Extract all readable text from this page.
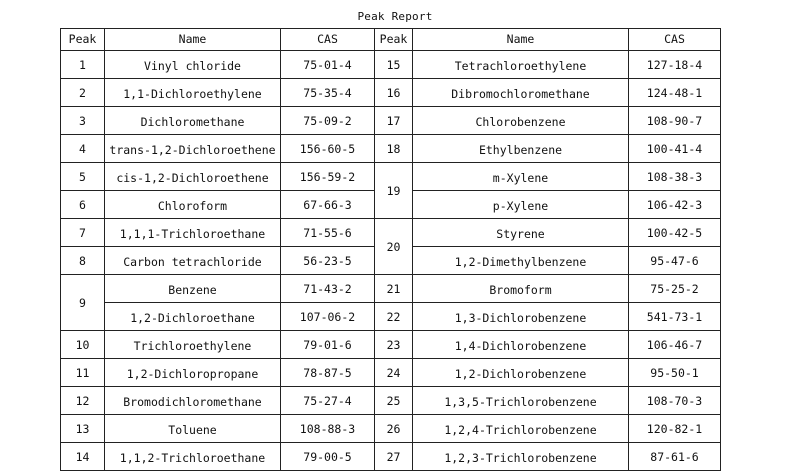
Peak Report
Peak	Name	CAS	Peak	Name	CAS
1	Vinyl chloride	75-01-4	15	Tetrachloroethylene	127-18-4
2	1,1-Dichloroethylene	75-35-4	16	Dibromochloromethane	124-48-1
3	Dichloromethane	75-09-2	17	Chlorobenzene	108-90-7
4	trans-1,2-Dichloroethene	156-60-5	18	Ethylbenzene	100-41-4
5	cis-1,2-Dichloroethene	156-59-2	19	m-Xylene	108-38-3
6	Chloroform	67-66-3		p-Xylene	106-42-3
7	1,1,1-Trichloroethane	71-55-6	20	Styrene	100-42-5
8	Carbon tetrachloride	56-23-5		1,2-Dimethylbenzene	95-47-6
9	Benzene	71-43-2	21	Bromoform	75-25-2
	1,2-Dichloroethane	107-06-2	22	1,3-Dichlorobenzene	541-73-1
10	Trichloroethylene	79-01-6	23	1,4-Dichlorobenzene	106-46-7
11	1,2-Dichloropropane	78-87-5	24	1,2-Dichlorobenzene	95-50-1
12	Bromodichloromethane	75-27-4	25	1,3,5-Trichlorobenzene	108-70-3
13	Toluene	108-88-3	26	1,2,4-Trichlorobenzene	120-82-1
14	1,1,2-Trichloroethane	79-00-5	27	1,2,3-Trichlorobenzene	87-61-6
